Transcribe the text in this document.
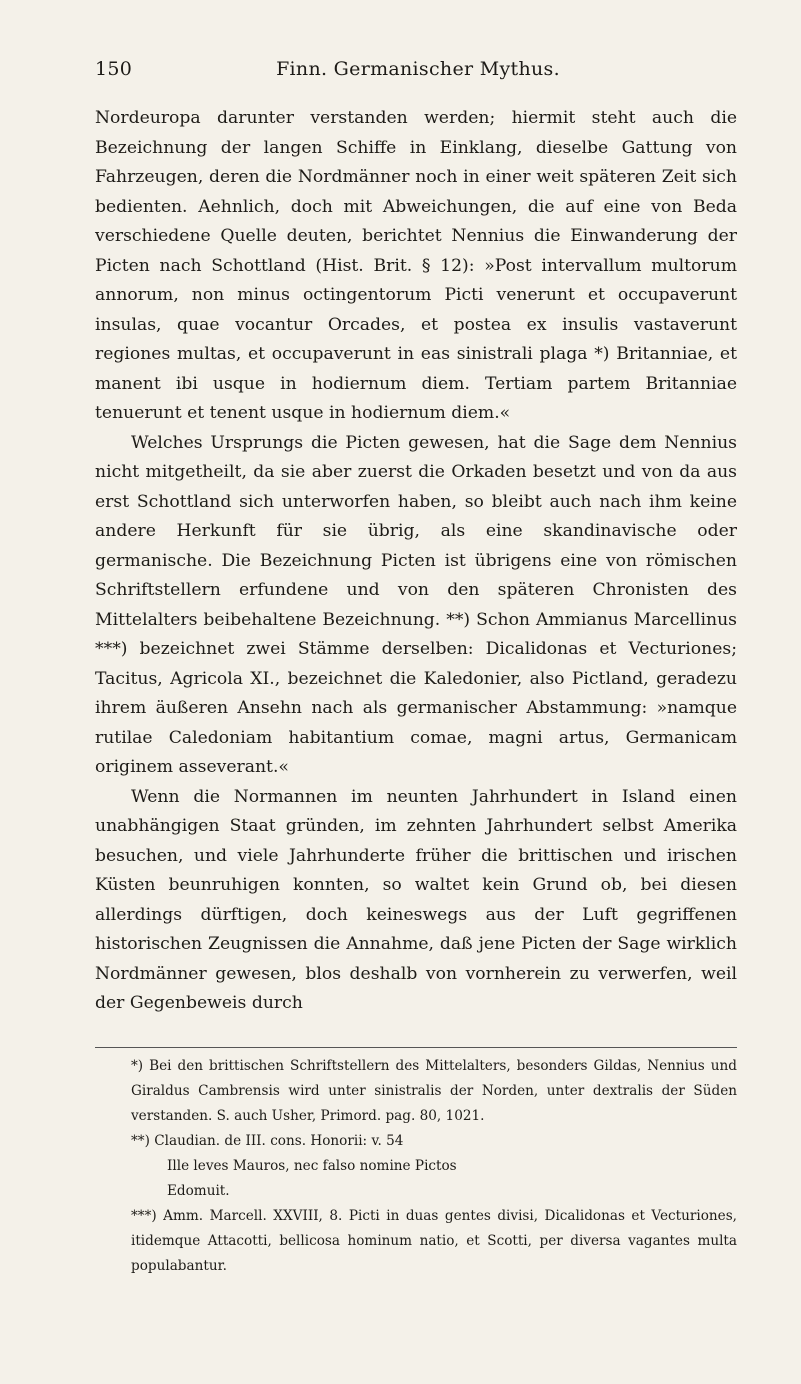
150	Finn. Germanischer Mythus.

Nordeuropa darunter verstanden werden; hiermit steht auch die Bezeichnung der langen Schiffe in Einklang, dieselbe Gattung von Fahrzeugen, deren die Nordmänner noch in einer weit späteren Zeit sich bedienten. Aehnlich, doch mit Abweichungen, die auf eine von Beda verschiedene Quelle deuten, berichtet Nennius die Einwanderung der Picten nach Schottland (Hist. Brit. § 12): »Post intervallum multorum annorum, non minus octingentorum Picti venerunt et occupaverunt insulas, quae vocantur Orcades, et postea ex insulis vastaverunt regiones multas, et occupaverunt in eas sinistrali plaga *) Britanniae, et manent ibi usque in hodiernum diem. Tertiam partem Britanniae tenuerunt et tenent usque in hodiernum diem.«

Welches Ursprungs die Picten gewesen, hat die Sage dem Nennius nicht mitgetheilt, da sie aber zuerst die Orkaden besetzt und von da aus erst Schottland sich unterworfen haben, so bleibt auch nach ihm keine andere Herkunft für sie übrig, als eine skandinavische oder germanische. Die Bezeichnung Picten ist übrigens eine von römischen Schriftstellern erfundene und von den späteren Chronisten des Mittelalters beibehaltene Bezeichnung. **) Schon Ammianus Marcellinus ***) bezeichnet zwei Stämme derselben: Dicalidonas et Vecturiones; Tacitus, Agricola XI., bezeichnet die Kaledonier, also Pictland, geradezu ihrem äußeren Ansehn nach als germanischer Abstammung: »namque rutilae Caledoniam habitantium comae, magni artus, Germanicam originem asseverant.«

Wenn die Normannen im neunten Jahrhundert in Island einen unabhängigen Staat gründen, im zehnten Jahrhundert selbst Amerika besuchen, und viele Jahrhunderte früher die brittischen und irischen Küsten beunruhigen konnten, so waltet kein Grund ob, bei diesen allerdings dürftigen, doch keineswegs aus der Luft gegriffenen historischen Zeugnissen die Annahme, daß jene Picten der Sage wirklich Nordmänner gewesen, blos deshalb von vornherein zu verwerfen, weil der Gegenbeweis durch

*) Bei den brittischen Schriftstellern des Mittelalters, besonders Gildas, Nennius und Giraldus Cambrensis wird unter sinistralis der Norden, unter dextralis der Süden verstanden. S. auch Usher, Primord. pag. 80, 1021.

**) Claudian. de III. cons. Honorii: v. 54

Ille leves Mauros, nec falso nomine Pictos

Edomuit.

***) Amm. Marcell. XXVIII, 8. Picti in duas gentes divisi, Dicalidonas et Vecturiones, itidemque Attacotti, bellicosa hominum natio, et Scotti, per diversa vagantes multa populabantur.
